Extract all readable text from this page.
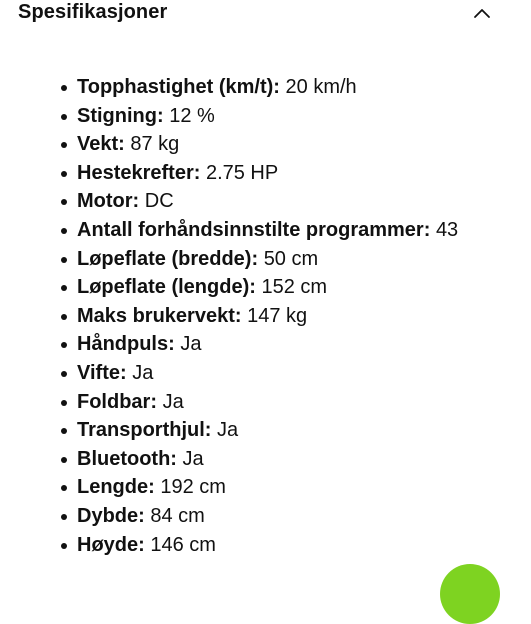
Spesifikasjoner
Topphastighet (km/t): 20 km/h
Stigning: 12 %
Vekt: 87 kg
Hestekrefter: 2.75 HP
Motor: DC
Antall forhåndsinnstilte programmer: 43
Løpeflate (bredde): 50 cm
Løpeflate (lengde): 152 cm
Maks brukervekt: 147 kg
Håndpuls: Ja
Vifte: Ja
Foldbar: Ja
Transporthjul: Ja
Bluetooth: Ja
Lengde: 192 cm
Dybde: 84 cm
Høyde: 146 cm
